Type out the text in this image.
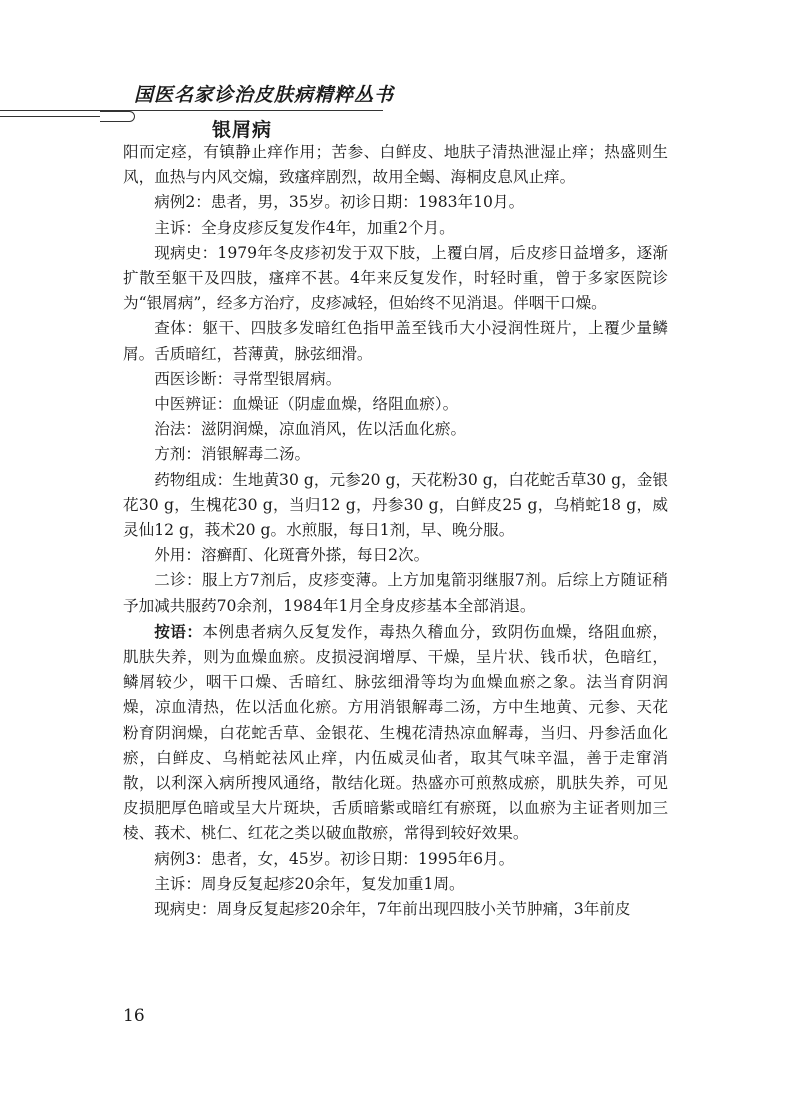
国医名家诊治皮肤病精粹丛书
银屑病

阳而定痉，有镇静止痒作用；苦参、白鲜皮、地肤子清热泄湿止痒；热盛则生风，血热与内风交煽，致瘙痒剧烈，故用全蝎、海桐皮息风止痒。

病例2：患者，男，35岁。初诊日期：1983年10月。

主诉：全身皮疹反复发作4年，加重2个月。

现病史：1979年冬皮疹初发于双下肢，上覆白屑，后皮疹日益增多，逐渐扩散至躯干及四肢，瘙痒不甚。4年来反复发作，时轻时重，曾于多家医院诊为“银屑病”，经多方治疗，皮疹减轻，但始终不见消退。伴咽干口燥。

查体：躯干、四肢多发暗红色指甲盖至钱币大小浸润性斑片，上覆少量鳞屑。舌质暗红，苔薄黄，脉弦细滑。

西医诊断：寻常型银屑病。

中医辨证：血燥证（阴虚血燥，络阻血瘀）。

治法：滋阴润燥，凉血消风，佐以活血化瘀。

方剂：消银解毒二汤。

药物组成：生地黄30 g，元参20 g，天花粉30 g，白花蛇舌草30 g，金银花30 g，生槐花30 g，当归12 g，丹参30 g，白鲜皮25 g，乌梢蛇18 g，威灵仙12 g，莪术20 g。水煎服，每日1剂，早、晚分服。

外用：溶癣酊、化斑膏外搽，每日2次。

二诊：服上方7剂后，皮疹变薄。上方加鬼箭羽继服7剂。后综上方随证稍予加减共服药70余剂，1984年1月全身皮疹基本全部消退。

按语：本例患者病久反复发作，毒热久稽血分，致阴伤血燥，络阻血瘀，肌肤失养，则为血燥血瘀。皮损浸润增厚、干燥，呈片状、钱币状，色暗红，鳞屑较少，咽干口燥、舌暗红、脉弦细滑等均为血燥血瘀之象。法当育阴润燥，凉血清热，佐以活血化瘀。方用消银解毒二汤，方中生地黄、元参、天花粉育阴润燥，白花蛇舌草、金银花、生槐花清热凉血解毒，当归、丹参活血化瘀，白鲜皮、乌梢蛇祛风止痒，内伍威灵仙者，取其气味辛温，善于走窜消散，以利深入病所搜风通络，散结化斑。热盛亦可煎熬成瘀，肌肤失养，可见皮损肥厚色暗或呈大片斑块，舌质暗紫或暗红有瘀斑，以血瘀为主证者则加三棱、莪术、桃仁、红花之类以破血散瘀，常得到较好效果。

病例3：患者，女，45岁。初诊日期：1995年6月。

主诉：周身反复起疹20余年，复发加重1周。

现病史：周身反复起疹20余年，7年前出现四肢小关节肿痛，3年前皮

16
